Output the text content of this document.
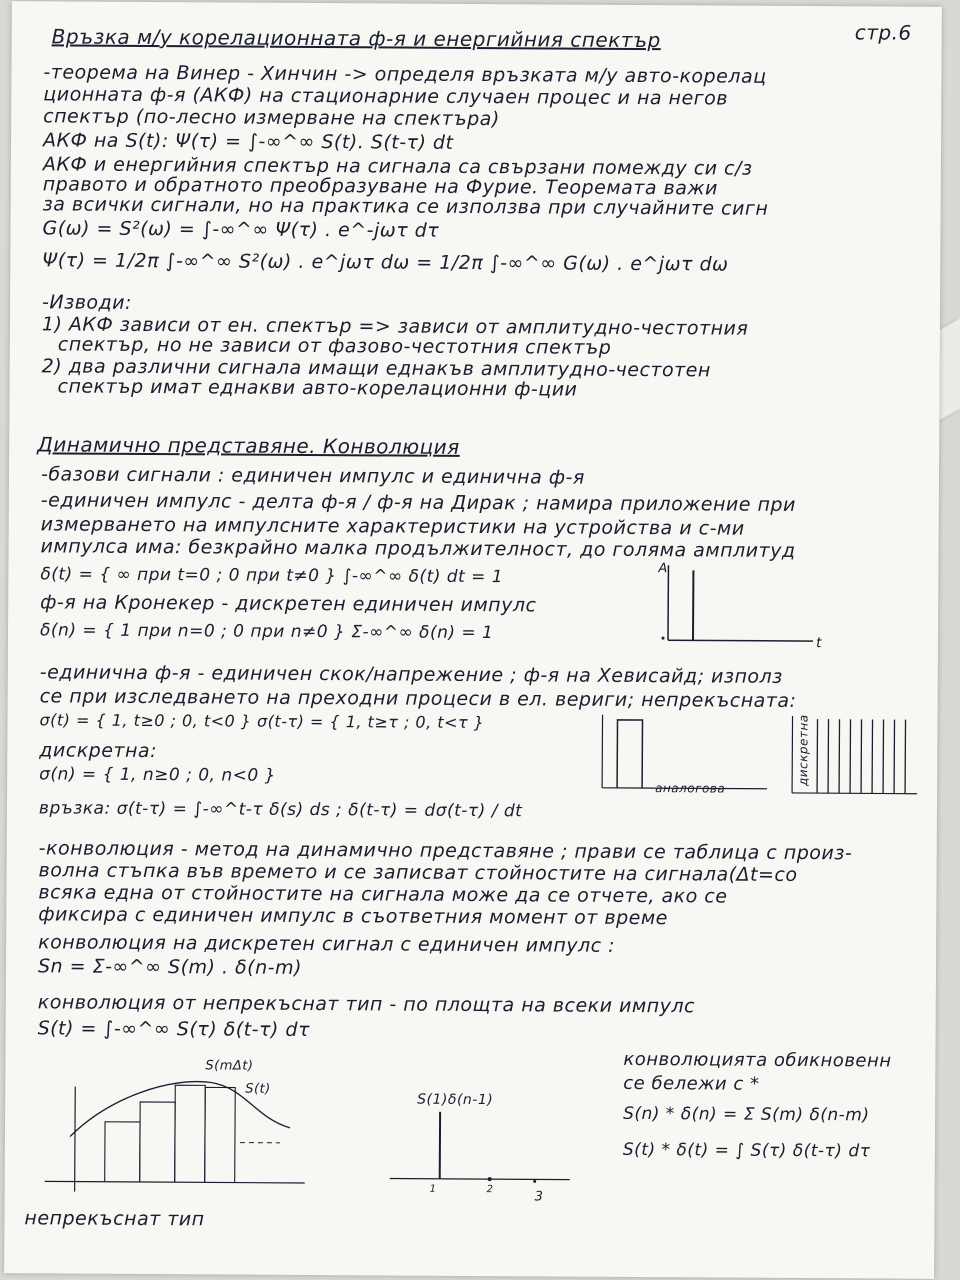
стр.6
Връзка м/у корелационната ф-я и енергийния спектър
-теорема на Винер - Хинчин -> определя връзката м/у авто-корелац
ционната ф-я (АКФ) на стационарние случаен процес и на негов
спектър (по-лесно измерване на спектъра)
АКФ на S(t): Ψ(τ) = ∫-∞^∞ S(t). S(t-τ) dt
АКФ и енергийния спектър на сигнала са свързани помежду си с/з
правото и обратното преобразуване на Фурие. Теоремата важи
за всички сигнали, но на практика се използва при случайните сигн
G(ω) = S²(ω) = ∫-∞^∞ Ψ(τ) . e^-jωτ dτ
Ψ(τ) = 1/2π ∫-∞^∞ S²(ω) . e^jωτ dω = 1/2π ∫-∞^∞ G(ω) . e^jωτ dω
-Изводи:
1) АКФ зависи от ен. спектър => зависи от амплитудно-честотния
спектър, но не зависи от фазово-честотния спектър
2) два различни сигнала имащи еднакъв амплитудно-честотен
спектър имат еднакви авто-корелационни ф-ции
Динамично представяне. Конволюция
-базови сигнали : единичен импулс и единична ф-я
-единичен импулс - делта ф-я / ф-я на Дирак ; намира приложение при
измерването на импулсните характеристики на устройства и с-ми
импулса има: безкрайно малка продължителност, до голяма амплитуд
δ(t) = { ∞ при t=0 ; 0 при t≠0 } ∫-∞^∞ δ(t) dt = 1
ф-я на Кронекер - дискретен единичен импулс
δ(n) = { 1 при n=0 ; 0 при n≠0 } Σ-∞^∞ δ(n) = 1
-единична ф-я - единичен скок/напрежение ; ф-я на Хевисайд; използ
се при изследването на преходни процеси в ел. вериги; непрекъсната:
σ(t) = { 1, t≥0 ; 0, t<0 } σ(t-τ) = { 1, t≥τ ; 0, t<τ }
дискретна:
σ(n) = { 1, n≥0 ; 0, n<0 }
връзка: σ(t-τ) = ∫-∞^t-τ δ(s) ds ; δ(t-τ) = dσ(t-τ) / dt
-конволюция - метод на динамично представяне ; прави се таблица с произ-
волна стъпка във времето и се записват стойностите на сигнала(Δt=со
всяка една от стойностите на сигнала може да се отчете, ако се
фиксира с единичен импулс в съответния момент от време
конволюция на дискретен сигнал с единичен импулс :
Sn = Σ-∞^∞ S(m) . δ(n-m)
конволюция от непрекъснат тип - по площта на всеки импулс
S(t) = ∫-∞^∞ S(τ) δ(t-τ) dτ
A
t
аналогова
дискретна
S(mΔt)
S(t)
S(1)δ(n-1)
1	2	3
непрекъснат тип
конволюцията обикновенн
се бележи с *
S(n) * δ(n) = Σ S(m) δ(n-m)
S(t) * δ(t) = ∫ S(τ) δ(t-τ) dτ
